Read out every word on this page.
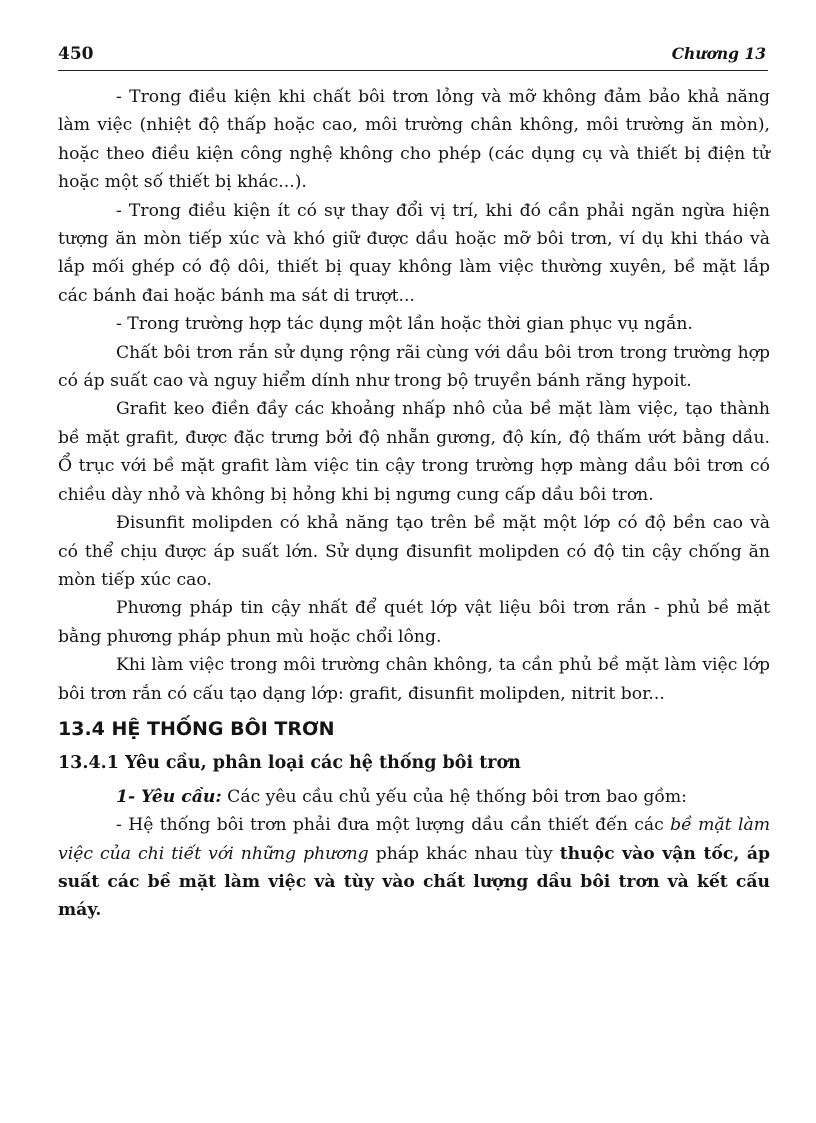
450	Chương 13

- Trong điều kiện khi chất bôi trơn lỏng và mỡ không đảm bảo khả năng làm việc (nhiệt độ thấp hoặc cao, môi trường chân không, môi trường ăn mòn), hoặc theo điều kiện công nghệ không cho phép (các dụng cụ và thiết bị điện tử hoặc một số thiết bị khác...).

- Trong điều kiện ít có sự thay đổi vị trí, khi đó cần phải ngăn ngừa hiện tượng ăn mòn tiếp xúc và khó giữ được dầu hoặc mỡ bôi trơn, ví dụ khi tháo và lắp mối ghép có độ dôi, thiết bị quay không làm việc thường xuyên, bề mặt lắp các bánh đai hoặc bánh ma sát di trượt...

- Trong trường hợp tác dụng một lần hoặc thời gian phục vụ ngắn.

Chất bôi trơn rắn sử dụng rộng rãi cùng với dầu bôi trơn trong trường hợp có áp suất cao và nguy hiểm dính như trong bộ truyền bánh răng hypoit.

Grafit keo điền đầy các khoảng nhấp nhô của bề mặt làm việc, tạo thành bề mặt grafit, được đặc trưng bởi độ nhẵn gương, độ kín, độ thấm ướt bằng dầu. Ổ trục với bề mặt grafit làm việc tin cậy trong trường hợp màng dầu bôi trơn có chiều dày nhỏ và không bị hỏng khi bị ngưng cung cấp dầu bôi trơn.

Đisunfit molipden có khả năng tạo trên bề mặt một lớp có độ bền cao và có thể chịu được áp suất lớn. Sử dụng đisunfit molipden có độ tin cậy chống ăn mòn tiếp xúc cao.

Phương pháp tin cậy nhất để quét lớp vật liệu bôi trơn rắn - phủ bề mặt bằng phương pháp phun mù hoặc chổi lông.

Khi làm việc trong môi trường chân không, ta cần phủ bề mặt làm việc lớp bôi trơn rắn có cấu tạo dạng lớp: grafit, đisunfit molipden, nitrit bor...

13.4 HỆ THỐNG BÔI TRƠN

13.4.1 Yêu cầu, phân loại các hệ thống bôi trơn

1- Yêu cầu: Các yêu cầu chủ yếu của hệ thống bôi trơn bao gồm:

- Hệ thống bôi trơn phải đưa một lượng dầu cần thiết đến các bề mặt làm việc của chi tiết với những phương pháp khác nhau tùy thuộc vào vận tốc, áp suất các bề mặt làm việc và tùy vào chất lượng dầu bôi trơn và kết cấu máy.
